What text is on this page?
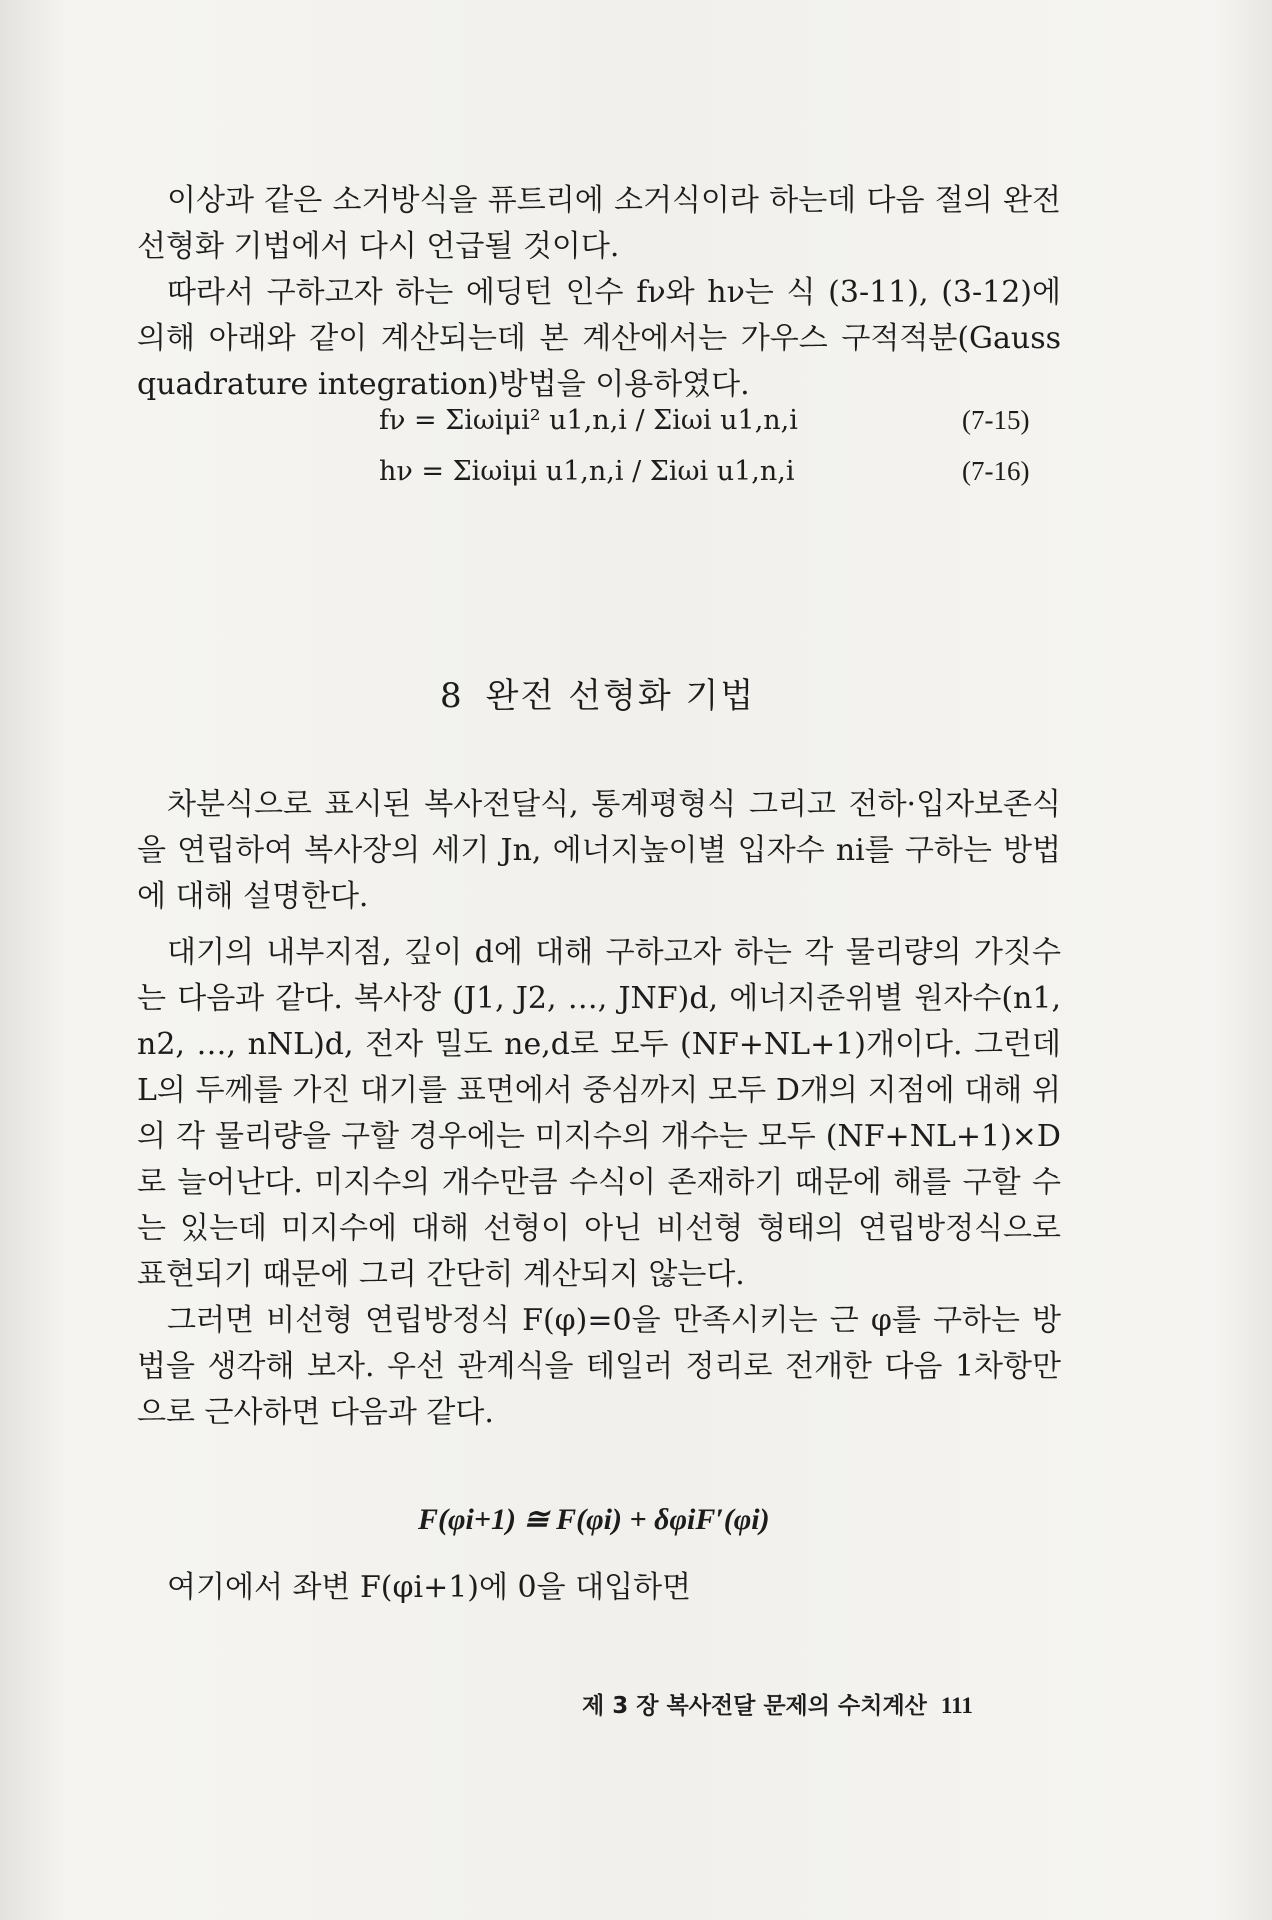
이상과 같은 소거방식을 퓨트리에 소거식이라 하는데 다음 절의 완전 선형화 기법에서 다시 언급될 것이다.

따라서 구하고자 하는 에딩턴 인수 fν와 hν는 식 (3-11), (3-12)에 의해 아래와 같이 계산되는데 본 계산에서는 가우스 구적적분(Gauss quadrature integration)방법을 이용하였다.

fν = Σiωiμi² u1,n,i / Σiωi u1,n,i	(7-15)
hν = Σiωiμi u1,n,i / Σiωi u1,n,i	(7-16)
8 완전 선형화 기법

차분식으로 표시된 복사전달식, 통계평형식 그리고 전하·입자보존식을 연립하여 복사장의 세기 Jn, 에너지높이별 입자수 ni를 구하는 방법에 대해 설명한다.

대기의 내부지점, 깊이 d에 대해 구하고자 하는 각 물리량의 가짓수는 다음과 같다. 복사장 (J1, J2, …, JNF)d, 에너지준위별 원자수(n1, n2, …, nNL)d, 전자 밀도 ne,d로 모두 (NF+NL+1)개이다. 그런데 L의 두께를 가진 대기를 표면에서 중심까지 모두 D개의 지점에 대해 위의 각 물리량을 구할 경우에는 미지수의 개수는 모두 (NF+NL+1)×D로 늘어난다. 미지수의 개수만큼 수식이 존재하기 때문에 해를 구할 수는 있는데 미지수에 대해 선형이 아닌 비선형 형태의 연립방정식으로 표현되기 때문에 그리 간단히 계산되지 않는다.

그러면 비선형 연립방정식 F(φ)=0을 만족시키는 근 φ를 구하는 방법을 생각해 보자. 우선 관계식을 테일러 정리로 전개한 다음 1차항만으로 근사하면 다음과 같다.

F(φi+1) ≅ F(φi) + δφiF′(φi)

여기에서 좌변 F(φi+1)에 0을 대입하면

제 3 장 복사전달 문제의 수치계산 111
